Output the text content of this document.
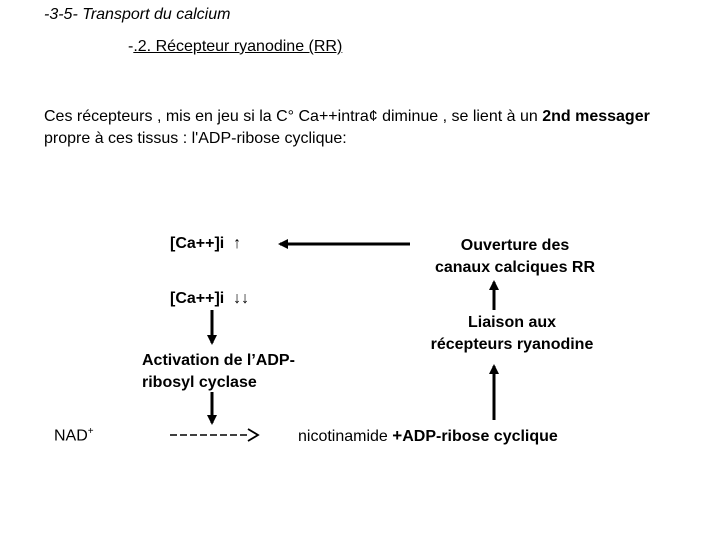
-3-5- Transport du calcium
-.2. Récepteur ryanodine (RR)
Ces récepteurs , mis en jeu si la C° Ca++intra¢ diminue , se lient à un 2nd messager propre à ces tissus : l'ADP-ribose cyclique:
[Ca++]i ↑	Ouverture des
canaux calciques RR
[Ca++]i ↓↓
Liaison aux
récepteurs ryanodine
Activation de l’ADP-
ribosyl cyclase
NAD+	nicotinamide +ADP-ribose cyclique
